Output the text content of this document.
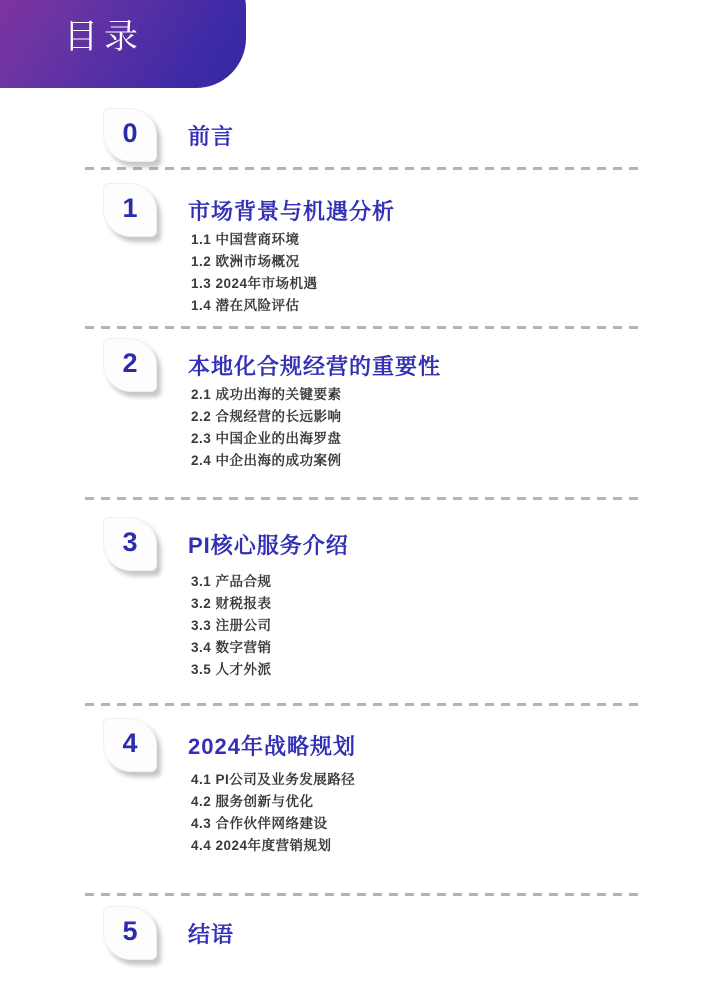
目录
0 前言
1 市场背景与机遇分析
1.1 中国营商环境
1.2 欧洲市场概况
1.3 2024年市场机遇
1.4 潜在风险评估
2 本地化合规经营的重要性
2.1 成功出海的关键要素
2.2 合规经营的长远影响
2.3 中国企业的出海罗盘
2.4 中企出海的成功案例
3 PI核心服务介绍
3.1 产品合规
3.2 财税报表
3.3 注册公司
3.4 数字营销
3.5 人才外派
4 2024年战略规划
4.1 PI公司及业务发展路径
4.2 服务创新与优化
4.3 合作伙伴网络建设
4.4 2024年度营销规划
5 结语
